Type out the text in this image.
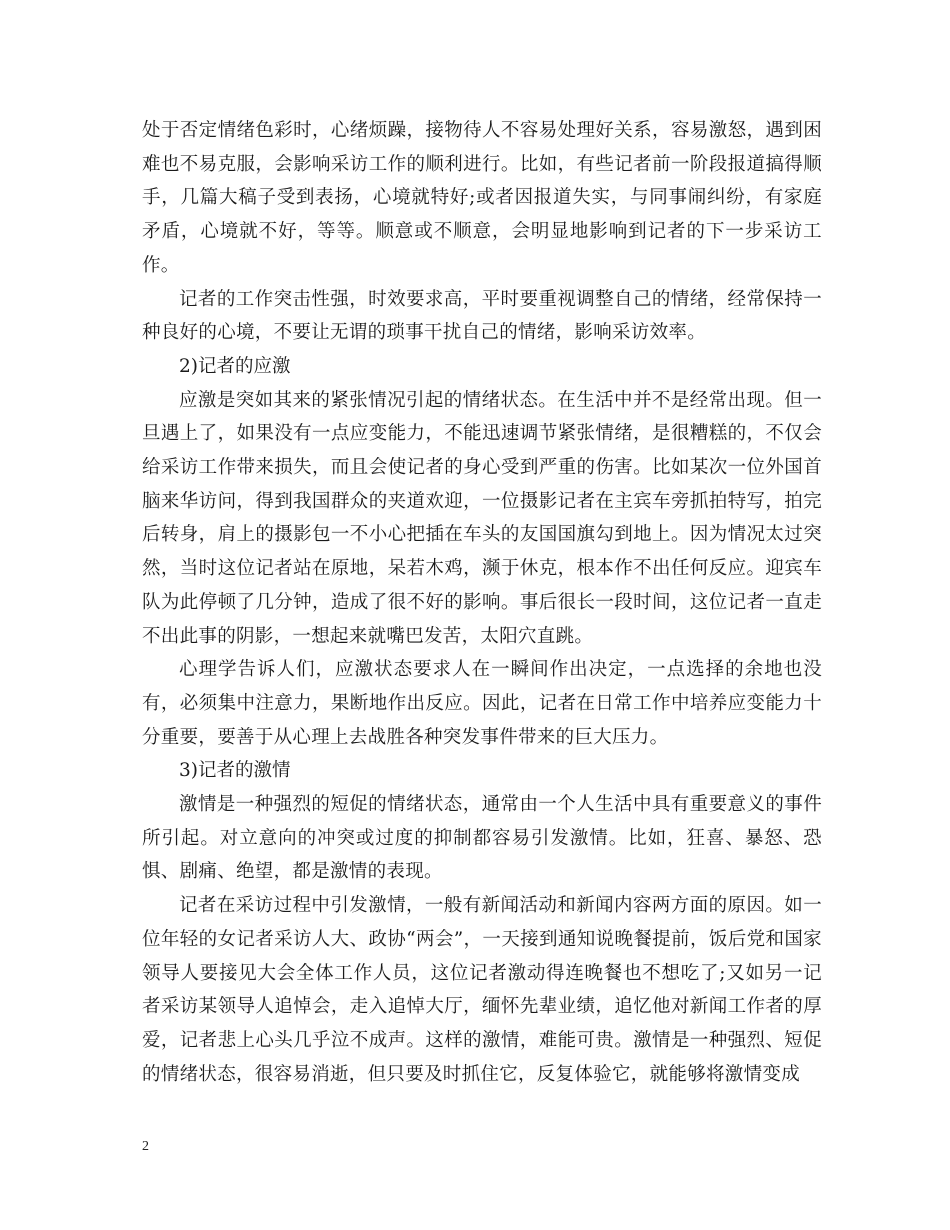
处于否定情绪色彩时，心绪烦躁，接物待人不容易处理好关系，容易激怒，遇到困难也不易克服，会影响采访工作的顺利进行。比如，有些记者前一阶段报道搞得顺手，几篇大稿子受到表扬，心境就特好;或者因报道失实，与同事闹纠纷，有家庭矛盾，心境就不好，等等。顺意或不顺意，会明显地影响到记者的下一步采访工作。

记者的工作突击性强，时效要求高，平时要重视调整自己的情绪，经常保持一种良好的心境，不要让无谓的琐事干扰自己的情绪，影响采访效率。

2)记者的应激

应激是突如其来的紧张情况引起的情绪状态。在生活中并不是经常出现。但一旦遇上了，如果没有一点应变能力，不能迅速调节紧张情绪，是很糟糕的，不仅会给采访工作带来损失，而且会使记者的身心受到严重的伤害。比如某次一位外国首脑来华访问，得到我国群众的夹道欢迎，一位摄影记者在主宾车旁抓拍特写，拍完后转身，肩上的摄影包一不小心把插在车头的友国国旗勾到地上。因为情况太过突然，当时这位记者站在原地，呆若木鸡，濒于休克，根本作不出任何反应。迎宾车队为此停顿了几分钟，造成了很不好的影响。事后很长一段时间，这位记者一直走不出此事的阴影，一想起来就嘴巴发苦，太阳穴直跳。

心理学告诉人们，应激状态要求人在一瞬间作出决定，一点选择的余地也没有，必须集中注意力，果断地作出反应。因此，记者在日常工作中培养应变能力十分重要，要善于从心理上去战胜各种突发事件带来的巨大压力。

3)记者的激情

激情是一种强烈的短促的情绪状态，通常由一个人生活中具有重要意义的事件所引起。对立意向的冲突或过度的抑制都容易引发激情。比如，狂喜、暴怒、恐惧、剧痛、绝望，都是激情的表现。

记者在采访过程中引发激情，一般有新闻活动和新闻内容两方面的原因。如一位年轻的女记者采访人大、政协“两会”，一天接到通知说晚餐提前，饭后党和国家领导人要接见大会全体工作人员，这位记者激动得连晚餐也不想吃了;又如另一记者采访某领导人追悼会，走入追悼大厅，缅怀先辈业绩，追忆他对新闻工作者的厚爱，记者悲上心头几乎泣不成声。这样的激情，难能可贵。激情是一种强烈、短促的情绪状态，很容易消逝，但只要及时抓住它，反复体验它，就能够将激情变成

2
